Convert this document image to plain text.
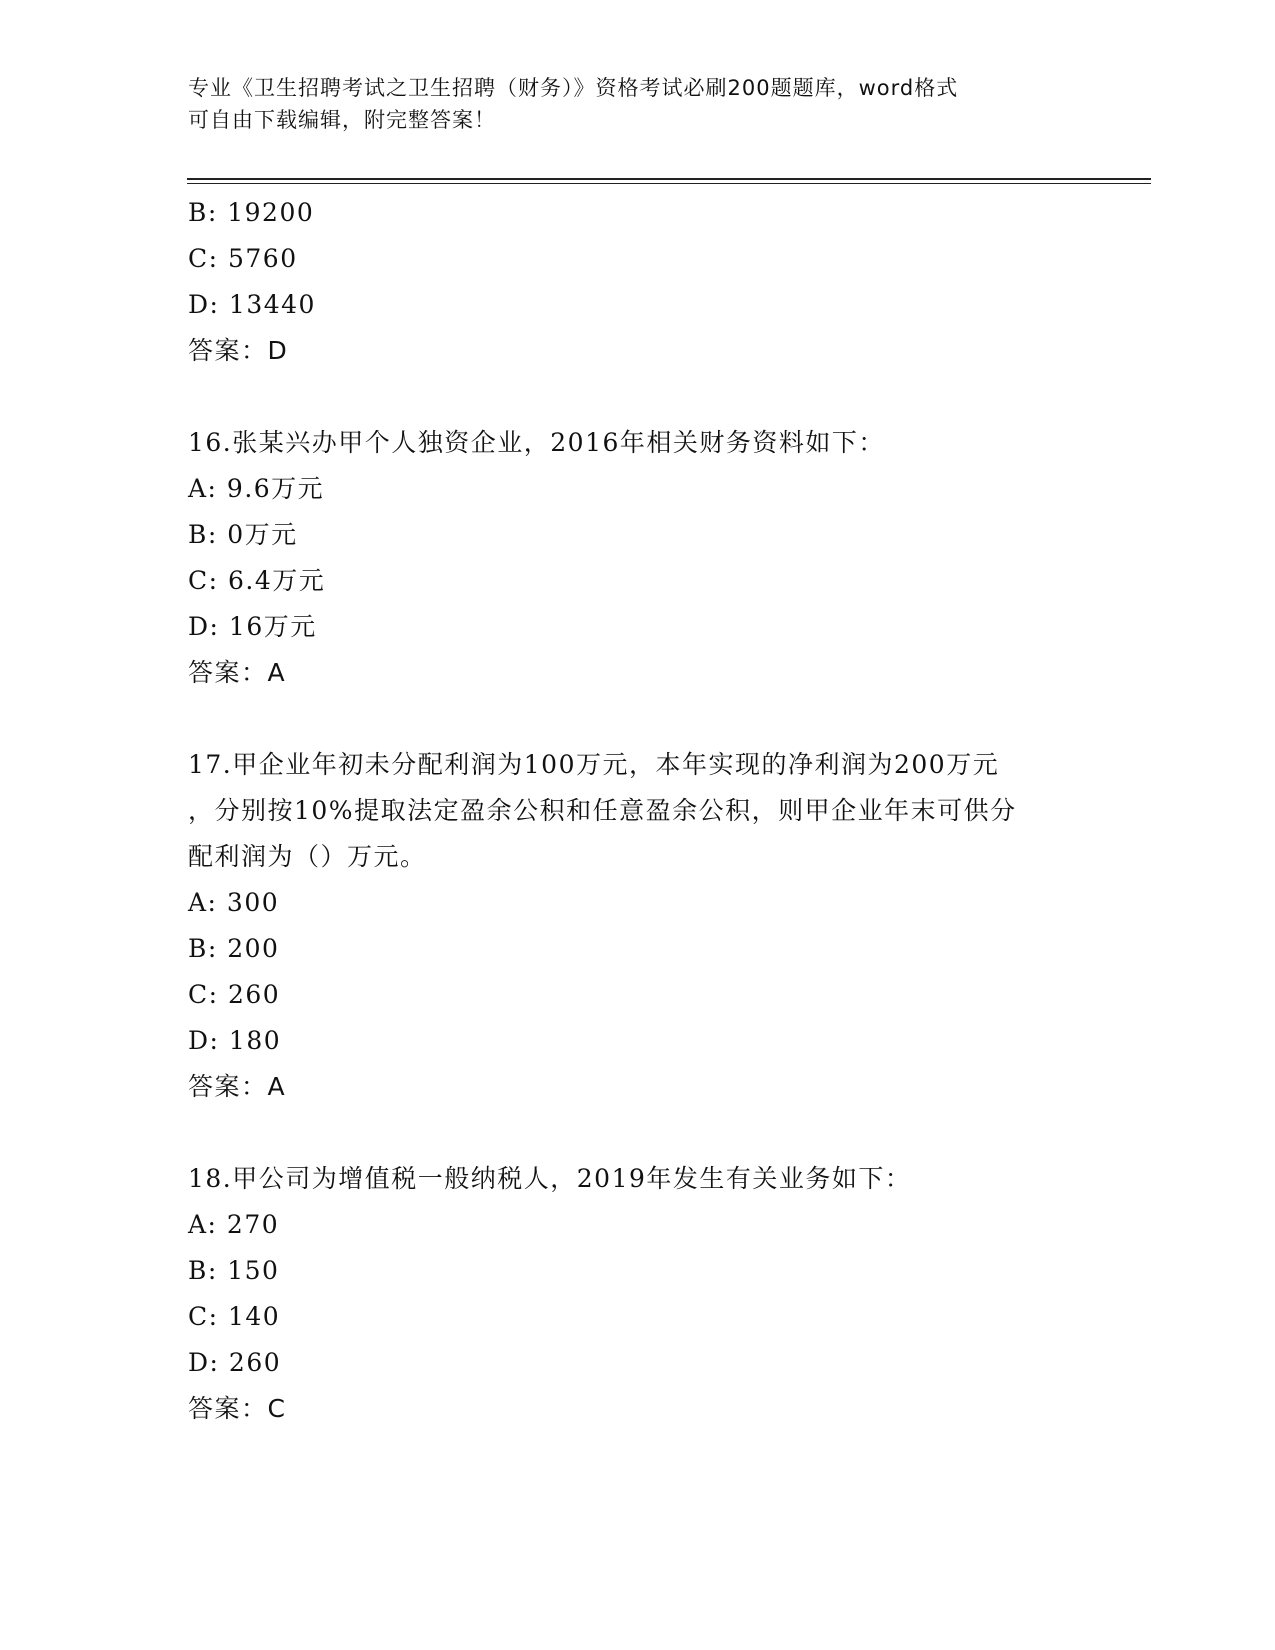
专业《卫生招聘考试之卫生招聘（财务）》资格考试必刷200题题库，word格式
可自由下载编辑，附完整答案！
B: 19200
C: 5760
D: 13440
答案：D
16.张某兴办甲个人独资企业，2016年相关财务资料如下：
A: 9.6万元
B: 0万元
C: 6.4万元
D: 16万元
答案：A
17.甲企业年初未分配利润为100万元，本年实现的净利润为200万元
，分别按10%提取法定盈余公积和任意盈余公积，则甲企业年末可供分
配利润为（）万元。
A: 300
B: 200
C: 260
D: 180
答案：A
18.甲公司为增值税一般纳税人，2019年发生有关业务如下：
A: 270
B: 150
C: 140
D: 260
答案：C
